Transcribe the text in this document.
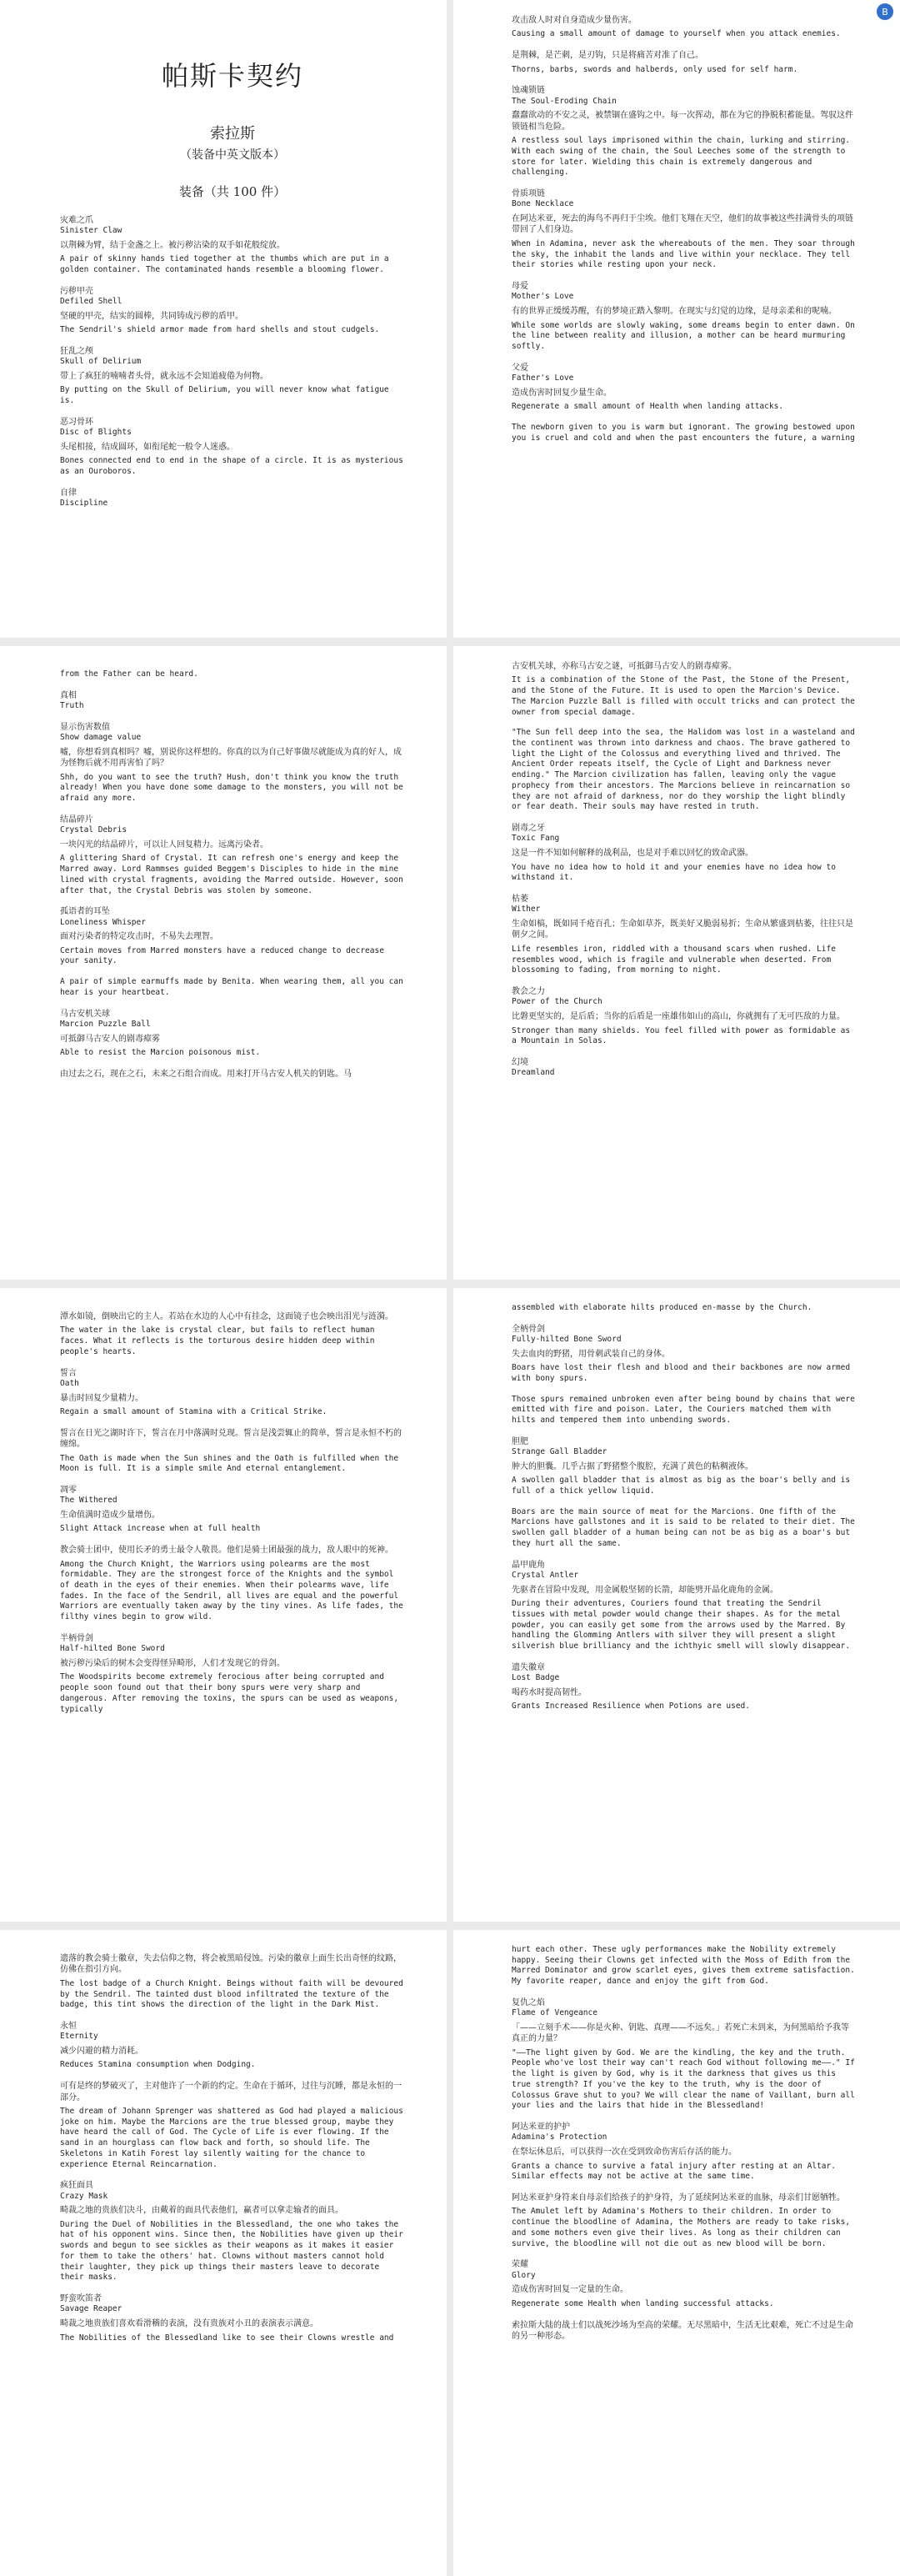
B
帕斯卡契约
索拉斯
（装备中英文版本）
装备（共 100 件）
灾难之爪
Sinister Claw
以荆棘为臂，结于金盏之上。被污秽沾染的双手如花般绽放。
A pair of skinny hands tied together at the thumbs which are put in a golden container. The contaminated hands resemble a blooming flower.
污秽甲壳
Defiled Shell
坚硬的甲壳，结实的圆棒，共同铸成污秽的盾甲。
The Sendril's shield armor made from hard shells and stout cudgels.
狂乱之颅
Skull of Delirium
带上了疯狂的喃喃者头骨，就永远不会知道疲倦为何物。
By putting on the Skull of Delirium, you will never know what fatigue is.
恶习骨环
Disc of Blights
头尾相接，结成圆环，如衔尾蛇一般令人迷惑。
Bones connected end to end in the shape of a circle. It is as mysterious as an Ouroboros.
自律
Discipline
攻击敌人时对自身造成少量伤害。
Causing a small amount of damage to yourself when you attack enemies.
是荆棘，是芒刺，是刃钩，只是将痛苦对准了自己。
Thorns, barbs, swords and halberds, only used for self harm.
蚀魂锁链
The Soul-Eroding Chain
蠢蠢欲动的不安之灵，被禁锢在盛钩之中。每一次挥动，都在为它的挣脱积蓄能量。驾驭这件锁链相当危险。
A restless soul lays imprisoned within the chain, lurking and stirring. With each swing of the chain, the Soul Leeches some of the strength to store for later. Wielding this chain is extremely dangerous and challenging.
骨质项链
Bone Necklace
在阿达米亚，死去的海鸟不再归于尘埃。他们飞翔在天空，他们的故事被这些挂满骨头的项链带回了人们身边。
When in Adamina, never ask the whereabouts of the men. They soar through the sky, the inhabit the lands and live within your necklace. They tell their stories while resting upon your neck.
母爱
Mother's Love
有的世界正缓缓苏醒，有的梦境正踏入黎明。在现实与幻觉的边缘，是母亲柔和的呢喃。
While some worlds are slowly waking, some dreams begin to enter dawn. On the line between reality and illusion, a mother can be heard murmuring softly.
父爱
Father's Love
造成伤害时回复少量生命。
Regenerate a small amount of Health when landing attacks.
The newborn given to you is warm but ignorant. The growing bestowed upon you is cruel and cold and when the past encounters the future, a warning
from the Father can be heard.
真相
Truth
显示伤害数值
Show damage value
嘘，你想看到真相吗？嘘，别说你这样想的。你真的以为自己好事做尽就能成为真的好人，成为怪物后就不用再害怕了吗？
Shh, do you want to see the truth? Hush, don't think you know the truth already! When you have done some damage to the monsters, you will not be afraid any more.
结晶碎片
Crystal Debris
一块闪光的结晶碎片，可以让人回复精力。远离污染者。
A glittering Shard of Crystal. It can refresh one's energy and keep the Marred away. Lord Rammses guided Beggem's Disciples to hide in the mine lined with crystal fragments, avoiding the Marred outside. However, soon after that, the Crystal Debris was stolen by someone.
孤语者的耳坠
Loneliness Whisper
面对污染者的特定攻击时，不易失去理智。
Certain moves from Marred monsters have a reduced change to decrease your sanity.
A pair of simple earmuffs made by Benita. When wearing them, all you can hear is your heartbeat.
马古安机关球
Marcion Puzzle Ball
可抵御马古安人的剧毒瘴雾
Able to resist the Marcion poisonous mist.
由过去之石，现在之石，未来之石组合而成。用来打开马古安人机关的钥匙。马
古安机关球，亦称马古安之谜，可抵御马古安人的剧毒瘴雾。
It is a combination of the Stone of the Past, the Stone of the Present, and the Stone of the Future. It is used to open the Marcion's Device. The Marcion Puzzle Ball is filled with occult tricks and can protect the owner from special damage.
"The Sun fell deep into the sea, the Halidom was lost in a wasteland and the continent was thrown into darkness and chaos. The brave gathered to light the Light of the Colossus and everything lived and thrived. The Ancient Order repeats itself, the Cycle of Light and Darkness never ending." The Marcion civilization has fallen, leaving only the vague prophecy from their ancestors. The Marcions believe in reincarnation so they are not afraid of darkness, nor do they worship the light blindly or fear death. Their souls may have rested in truth.
剧毒之牙
Toxic Fang
这是一件不知如何解释的战利品，也是对手难以回忆的致命武器。
You have no idea how to hold it and your enemies have no idea how to withstand it.
枯萎
Wither
生命如槁，既如同千疮百孔；生命如草芥，既美好又脆弱易折；生命从繁盛到枯萎，往往只是朝夕之间。
Life resembles iron, riddled with a thousand scars when rushed. Life resembles wood, which is fragile and vulnerable when deserted. From blossoming to fading, from morning to night.
教会之力
Power of the Church
比磐更坚实的，是后盾；当你的后盾是一座雄伟如山的高山，你就拥有了无可匹敌的力量。
Stronger than many shields. You feel filled with power as formidable as a Mountain in Solas.
幻境
Dreamland
潭水如镜，倒映出它的主人。若站在水边的人心中有挂念，这面镜子也会映出泪光与涟漪。
The water in the lake is crystal clear, but fails to reflect human faces. What it reflects is the torturous desire hidden deep within people's hearts.
誓言
Oath
暴击时回复少量精力。
Regain a small amount of Stamina with a Critical Strike.
誓言在日光之湖时许下，誓言在月中落满时兑现。誓言是浅尝辄止的简单，誓言是永恒不朽的缠绵。
The Oath is made when the Sun shines and the Oath is fulfilled when the Moon is full. It is a simple smile And eternal entanglement.
凋零
The Withered
生命值满时造成少量增伤。
Slight Attack increase when at full health
教会骑士团中，使用长矛的勇士最令人敬畏。他们是骑士团最强的战力，敌人眼中的死神。
Among the Church Knight, the Warriors using polearms are the most formidable. They are the strongest force of the Knights and the symbol of death in the eyes of their enemies. When their polearms wave, life fades. In the face of the Sendril, all lives are equal and the powerful Warriors are eventually taken away by the tiny vines. As life fades, the filthy vines begin to grow wild.
半柄骨剑
Half-hilted Bone Sword
被污秽污染后的树木会变得怪异畸形，人们才发现它的骨剑。
The Woodspirits become extremely ferocious after being corrupted and people soon found out that their bony spurs were very sharp and dangerous. After removing the toxins, the spurs can be used as weapons, typically
assembled with elaborate hilts produced en-masse by the Church.
全柄骨剑
Fully-hilted Bone Sword
失去血肉的野猪，用骨刺武装自己的身体。
Boars have lost their flesh and blood and their backbones are now armed with bony spurs.
Those spurs remained unbroken even after being bound by chains that were emitted with fire and poison. Later, the Couriers matched them with hilts and tempered them into unbending swords.
胆肥
Strange Gall Bladder
肿大的胆囊。几乎占据了野猪整个腹腔，充满了黄色的粘稠液体。
A swollen gall bladder that is almost as big as the boar's belly and is full of a thick yellow liquid.
Boars are the main source of meat for the Marcions. One fifth of the Marcions have gallstones and it is said to be related to their diet. The swollen gall bladder of a human being can not be as big as a boar's but they hurt all the same.
晶甲鹿角
Crystal Antler
先驱者在冒险中发现，用金属般坚韧的长箭，却能劈开晶化鹿角的金属。
During their adventures, Couriers found that treating the Sendril tissues with metal powder would change their shapes. As for the metal powder, you can easily get some from the arrows used by the Marred. By handling the Glomming Antlers with silver they will present a slight silverish blue brilliancy and the ichthyic smell will slowly disappear.
遗失徽章
Lost Badge
喝药水时提高韧性。
Grants Increased Resilience when Potions are used.
遗落的教会骑士徽章，失去信仰之物，将会被黑暗侵蚀。污染的徽章上面生长出奇怪的纹路，仿佛在指引方向。
The lost badge of a Church Knight. Beings without faith will be devoured by the Sendril. The tainted dust blood infiltrated the texture of the badge, this tint shows the direction of the light in the Dark Mist.
永恒
Eternity
减少闪避的精力消耗。
Reduces Stamina consumption when Dodging.
可有是终的梦破灭了，主对他许了一个新的约定。生命在于循环，过往与沉睡，都是永恒的一部分。
The dream of Johann Sprenger was shattered as God had played a malicious joke on him. Maybe the Marcions are the true blessed group, maybe they have heard the call of God. The Cycle of Life is ever flowing. If the sand in an hourglass can flow back and forth, so should life. The Skeletons in Katih Forest lay silently waiting for the chance to experience Eternal Reincarnation.
疯狂面具
Crazy Mask
畸裁之地的贵族们决斗，由戴着的面具代表他们，赢者可以拿走输者的面具。
During the Duel of Nobilities in the Blessedland, the one who takes the hat of his opponent wins. Since then, the Nobilities have given up their swords and begun to see sickles as their weapons as it makes it easier for them to take the others' hat. Clowns without masters cannot hold their laughter, they pick up things their masters leave to decorate their masks.
野蛮吹笛者
Savage Reaper
畸裁之地贵族们喜欢看滑稽的表演，没有贵族对小丑的表演表示满意。
The Nobilities of the Blessedland like to see their Clowns wrestle and
hurt each other. These ugly performances make the Nobility extremely happy. Seeing their Clowns get infected with the Moss of Edith from the Marred Dominator and grow scarlet eyes, gives them extreme satisfaction. My favorite reaper, dance and enjoy the gift from God.
复仇之焰
Flame of Vengeance
「——立刻手术——你是火种、钥匙、真理——不远矣。」若死亡未到来，为何黑暗给予我等真正的力量？
"——The light given by God. We are the kindling, the key and the truth. People who've lost their way can't reach God without following me——." If the light is given by God, why is it the darkness that gives us this true strength? If you've the key to the truth, why is the door of Colossus Grave shut to you? We will clear the name of Vaillant, burn all your lies and the lairs that hide in the Blessedland!
阿达米亚的护护
Adamina's Protection
在祭坛休息后，可以获得一次在受到致命伤害后存活的能力。
Grants a chance to survive a fatal injury after resting at an Altar. Similar effects may not be active at the same time.
阿达米亚护身符来自母亲们给孩子的护身符，为了延续阿达米亚的血脉，母亲们甘愿牺牲。
The Amulet left by Adamina's Mothers to their children. In order to continue the bloodline of Adamina, the Mothers are ready to take risks, and some mothers even give their lives. As long as their children can survive, the bloodline will not die out as new blood will be born.
荣耀
Glory
造成伤害时回复一定量的生命。
Regenerate some Health when landing successful attacks.
索拉斯大陆的战士们以战死沙场为至高的荣耀。无尽黑暗中，生活无比艰难，死亡不过是生命的另一种形态。
